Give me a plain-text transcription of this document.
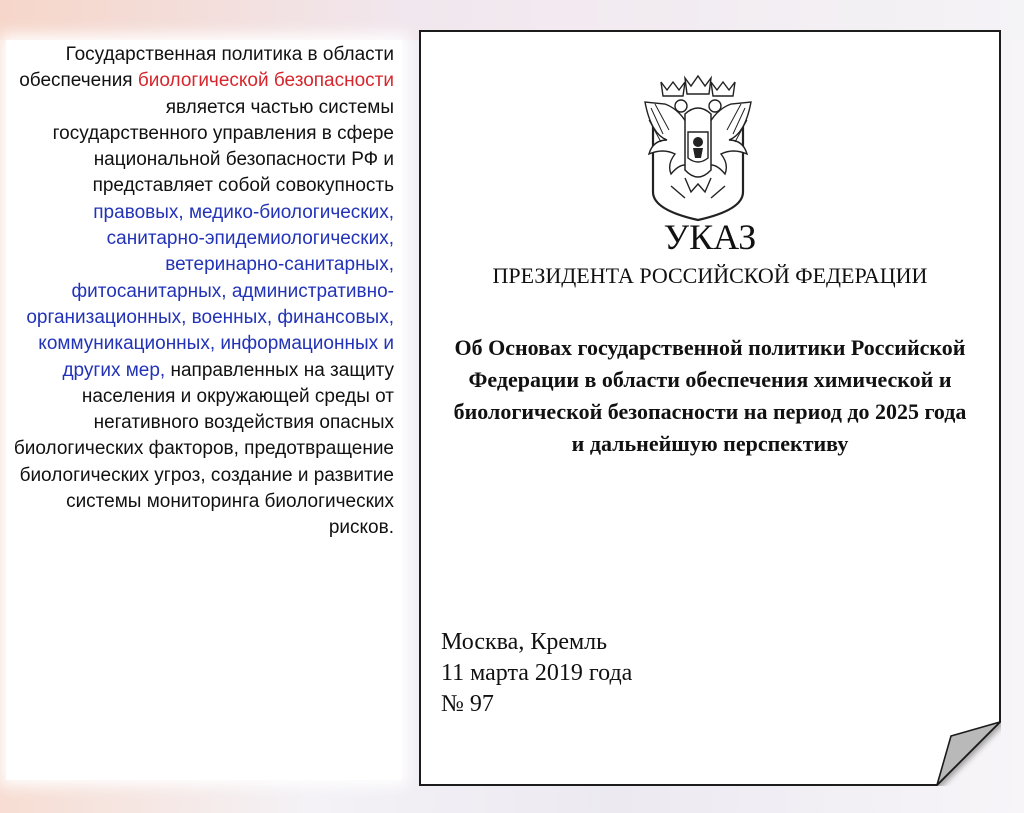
Государственная политика в области обеспечения биологической безопасности является частью системы государственного управления в сфере национальной безопасности РФ и представляет собой совокупность правовых, медико-биологических, санитарно-эпидемиологических, ветеринарно-санитарных, фитосанитарных, административно-организационных, военных, финансовых, коммуникационных, информационных и других мер, направленных на защиту населения и окружающей среды от негативного воздействия опасных биологических факторов, предотвращение биологических угроз, создание и развитие системы мониторинга биологических рисков.
УКАЗ
ПРЕЗИДЕНТА РОССИЙСКОЙ ФЕДЕРАЦИИ
Об Основах государственной политики Российской Федерации в области обеспечения химической и биологической безопасности на период до 2025 года и дальнейшую перспективу
Москва, Кремль
11 марта 2019 года
№ 97
